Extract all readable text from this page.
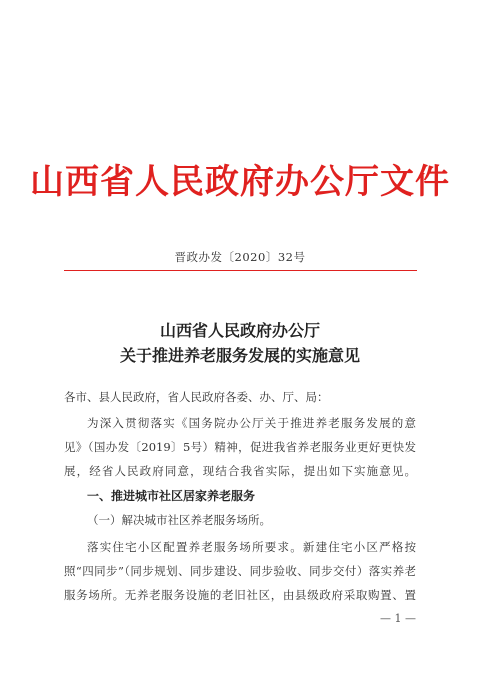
山西省人民政府办公厅文件
晋政办发〔2020〕32号
山西省人民政府办公厅
关于推进养老服务发展的实施意见
各市、县人民政府，省人民政府各委、办、厅、局：
为深入贯彻落实《国务院办公厅关于推进养老服务发展的意
见》（国办发〔2019〕5号）精神，促进我省养老服务业更好更快发
展，经省人民政府同意，现结合我省实际，提出如下实施意见。
一、推进城市社区居家养老服务
（一）解决城市社区养老服务场所。
落实住宅小区配置养老服务场所要求。新建住宅小区严格按
照“四同步”（同步规划、同步建设、同步验收、同步交付）落实养老
服务场所。无养老服务设施的老旧社区，由县级政府采取购置、置
— 1 —
